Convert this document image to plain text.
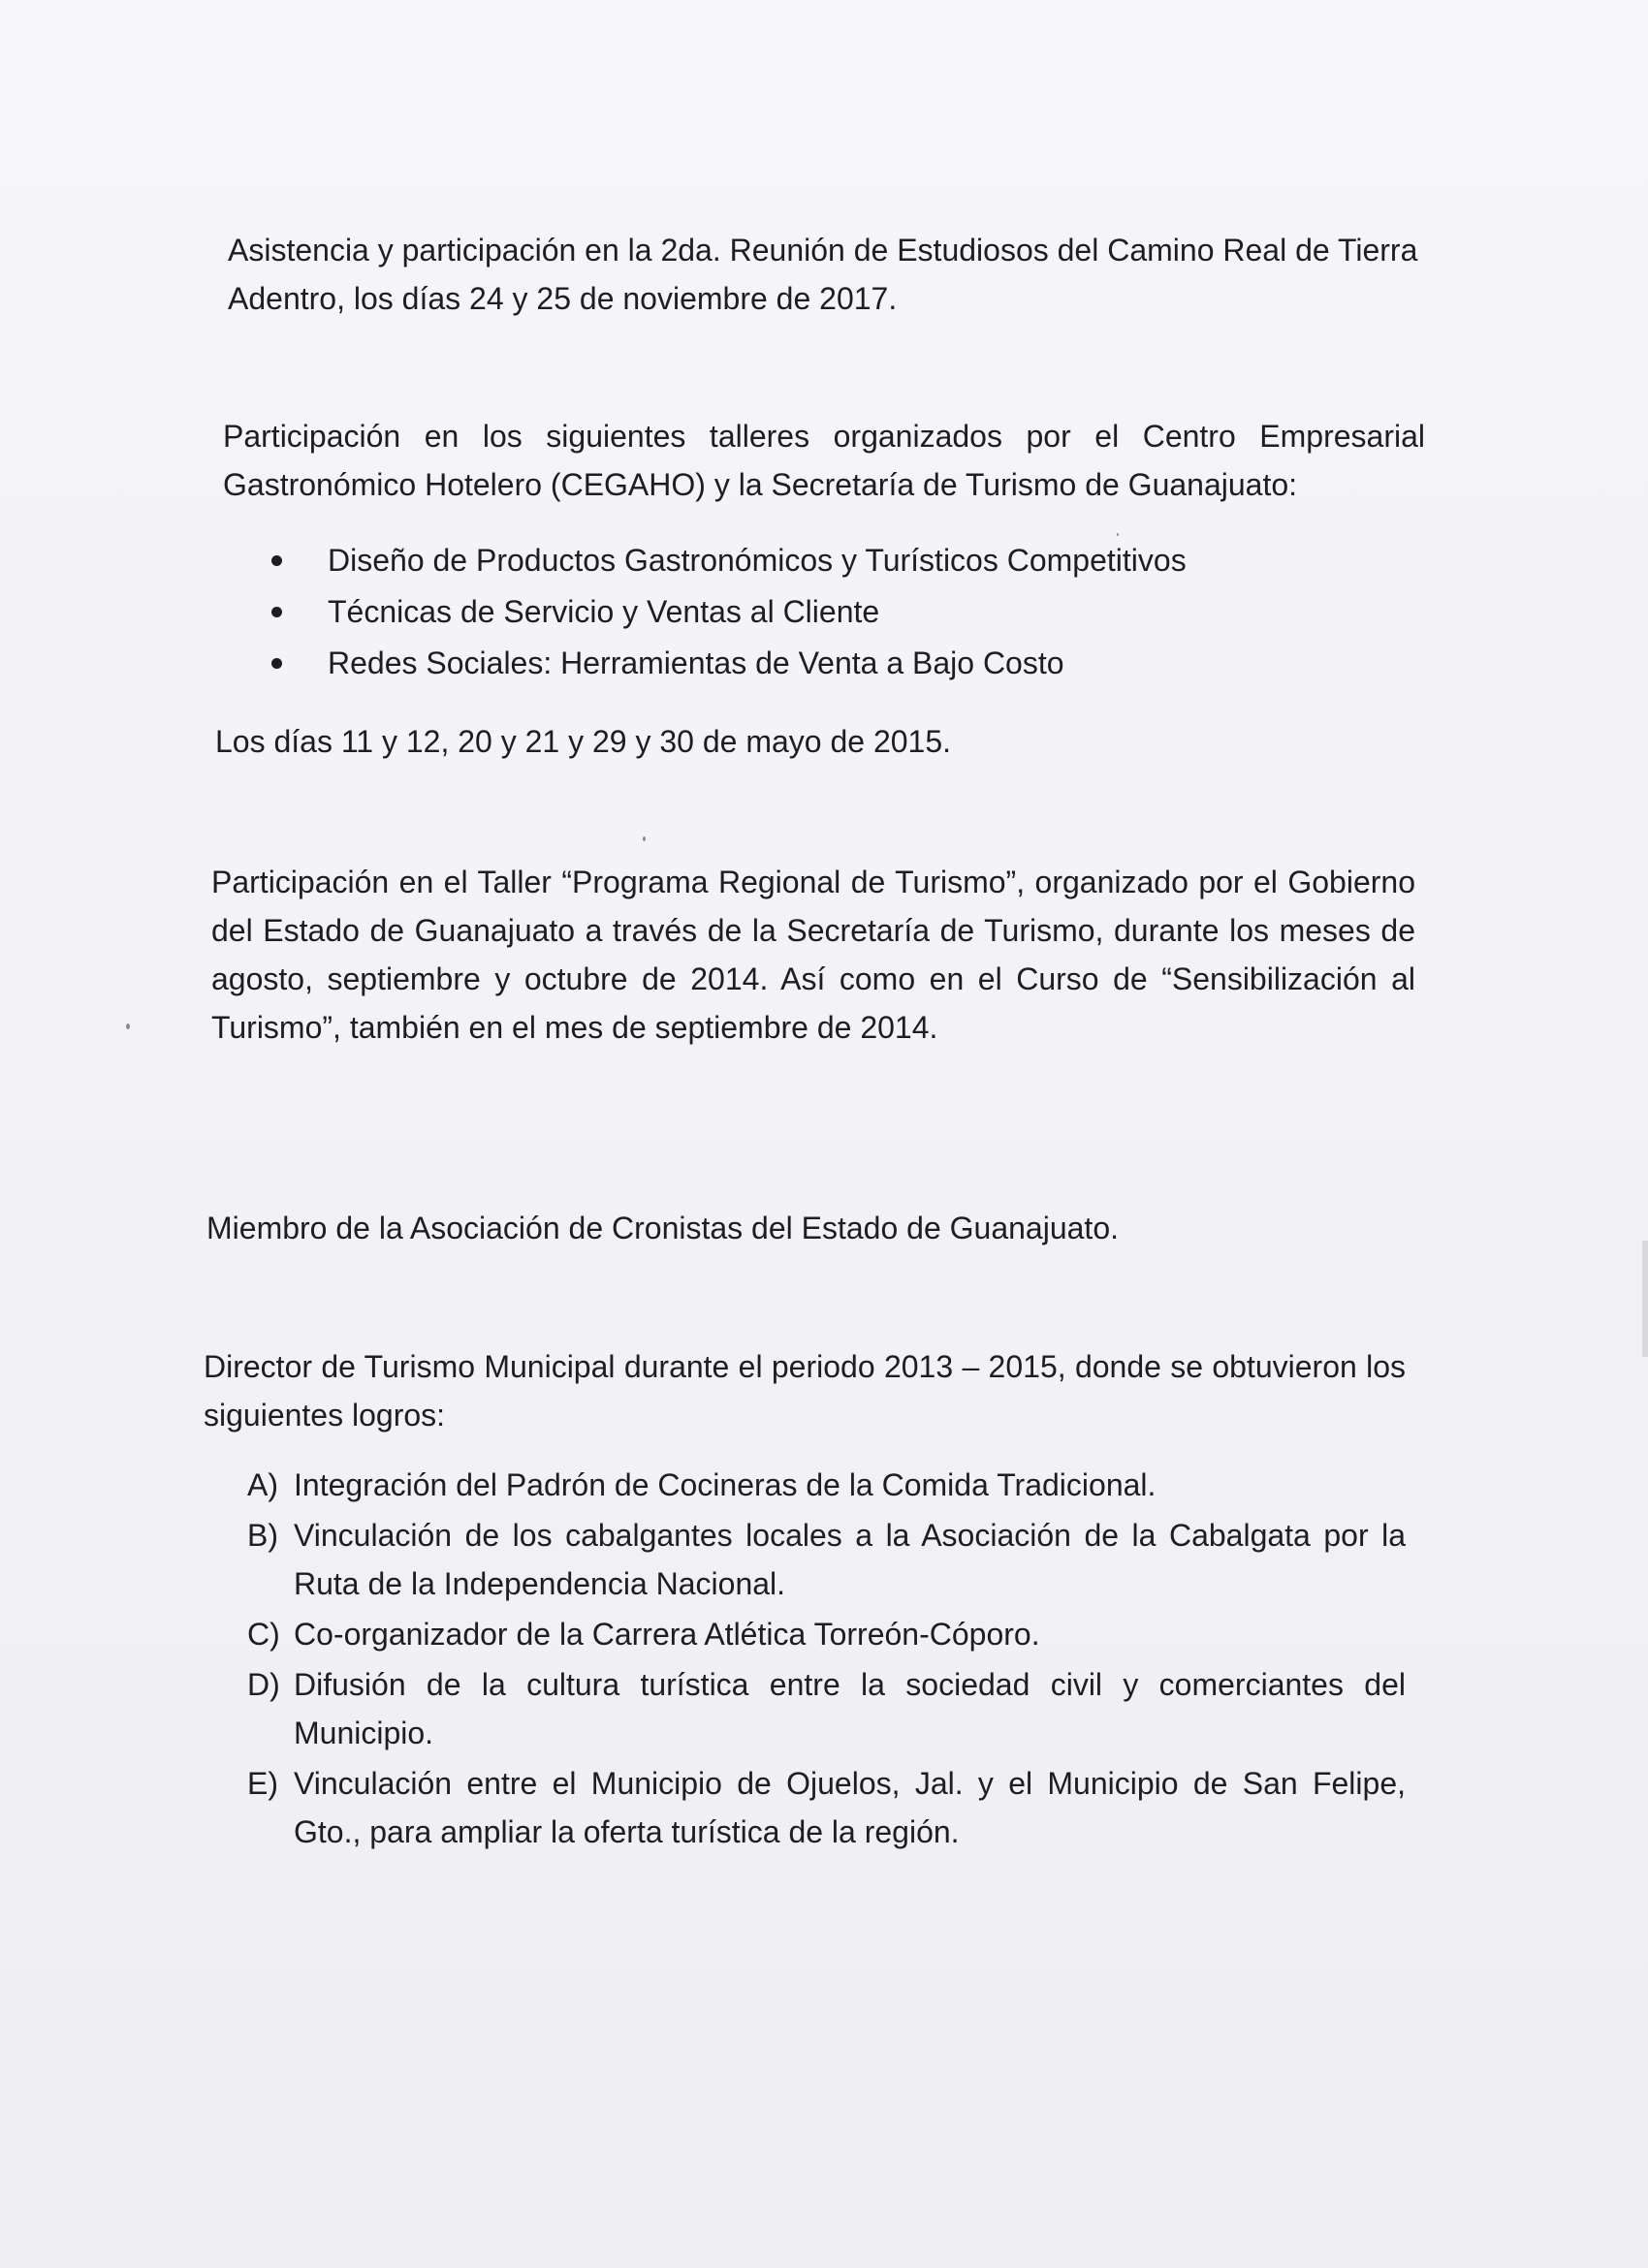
Asistencia y participación en la 2da. Reunión de Estudiosos del Camino Real de Tierra Adentro, los días 24 y 25 de noviembre de 2017.

Participación en los siguientes talleres organizados por el Centro Empresarial Gastronómico Hotelero (CEGAHO) y la Secretaría de Turismo de Guanajuato:

Diseño de Productos Gastronómicos y Turísticos Competitivos
Técnicas de Servicio y Ventas al Cliente
Redes Sociales: Herramientas de Venta a Bajo Costo

Los días 11 y 12, 20 y 21 y 29 y 30 de mayo de 2015.

Participación en el Taller “Programa Regional de Turismo”, organizado por el Gobierno del Estado de Guanajuato a través de la Secretaría de Turismo, durante los meses de agosto, septiembre y octubre de 2014. Así como en el Curso de “Sensibilización al Turismo”, también en el mes de septiembre de 2014.

Miembro de la Asociación de Cronistas del Estado de Guanajuato.

Director de Turismo Municipal durante el periodo 2013 – 2015, donde se obtuvieron los siguientes logros:

A) Integración del Padrón de Cocineras de la Comida Tradicional.
B) Vinculación de los cabalgantes locales a la Asociación de la Cabalgata por la Ruta de la Independencia Nacional.
C) Co-organizador de la Carrera Atlética Torreón-Cóporo.
D) Difusión de la cultura turística entre la sociedad civil y comerciantes del Municipio.
E) Vinculación entre el Municipio de Ojuelos, Jal. y el Municipio de San Felipe, Gto., para ampliar la oferta turística de la región.
